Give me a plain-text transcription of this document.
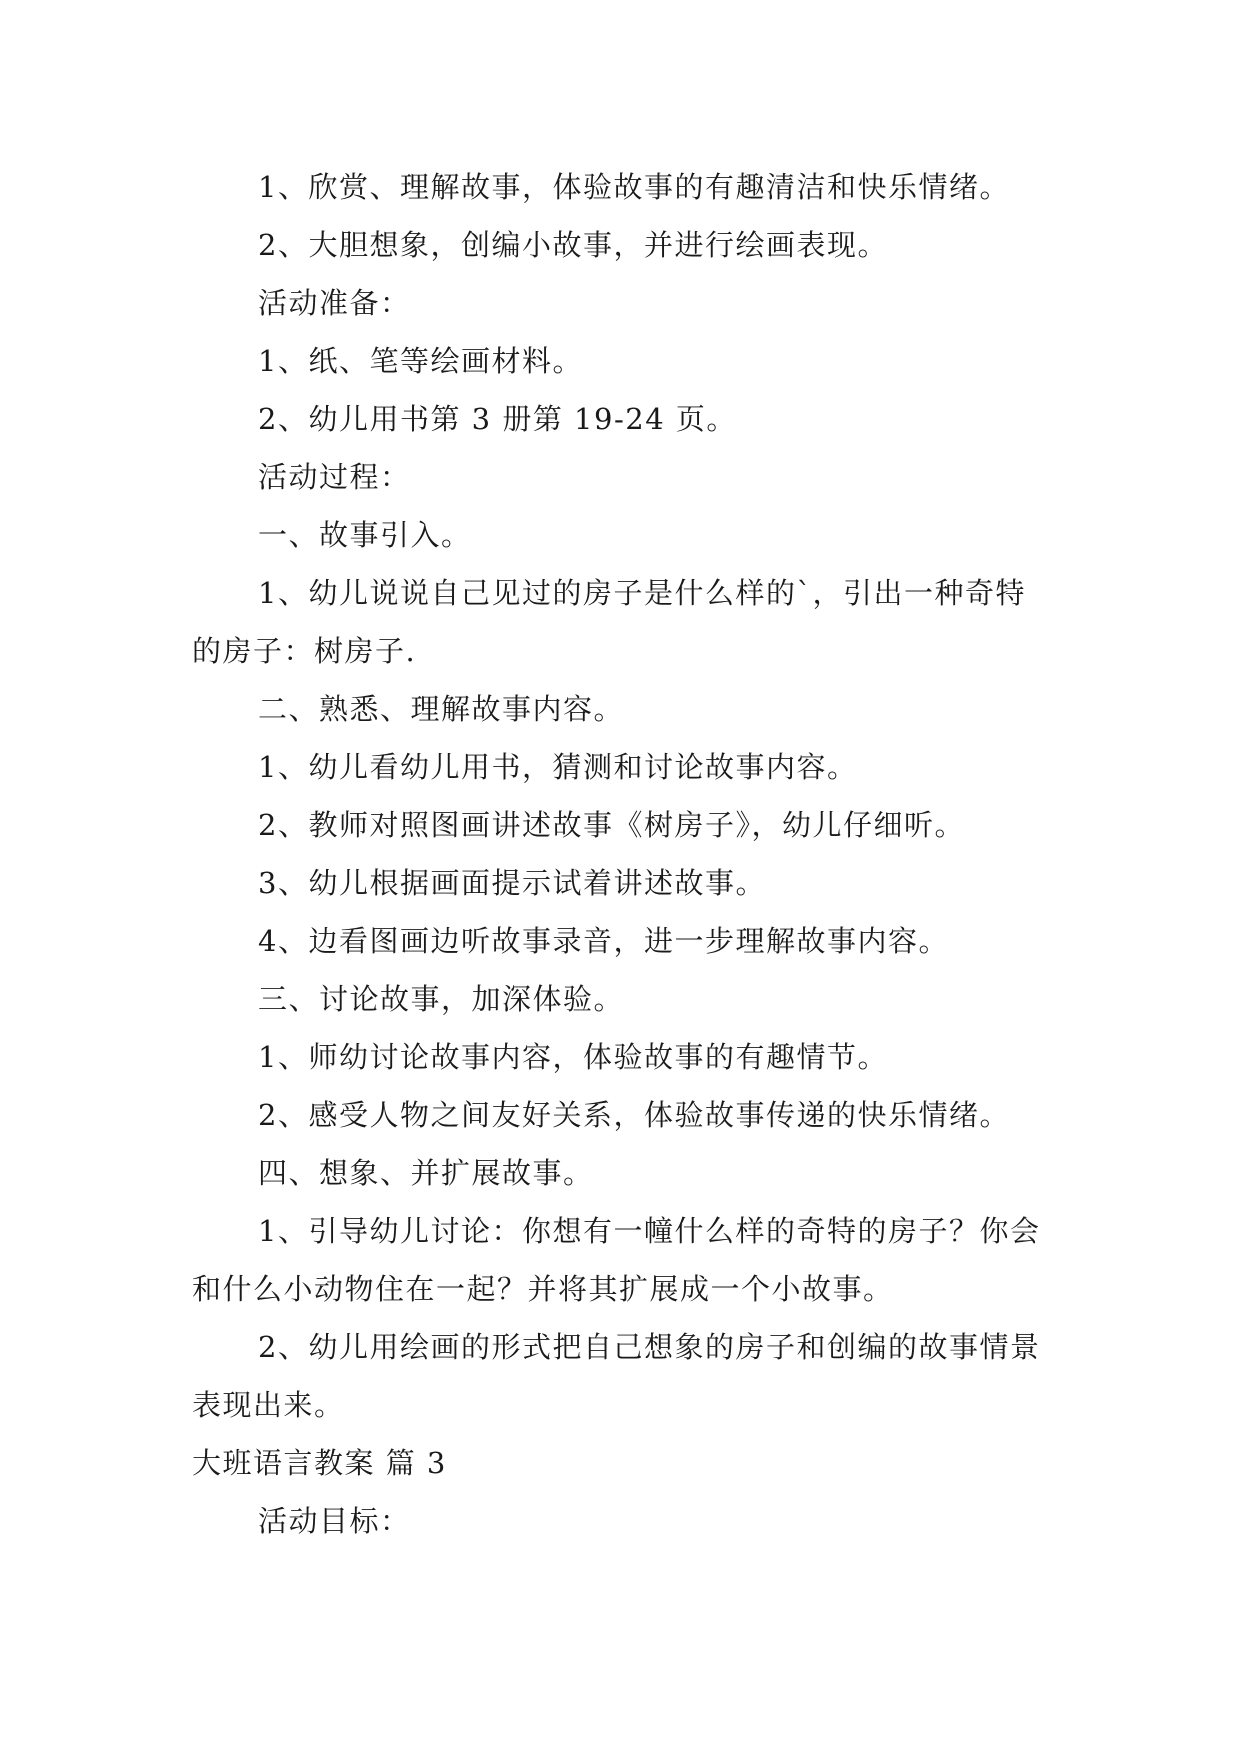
1、欣赏、理解故事，体验故事的有趣清洁和快乐情绪。

2、大胆想象，创编小故事，并进行绘画表现。

活动准备：

1、纸、笔等绘画材料。

2、幼儿用书第 3 册第 19-24 页。

活动过程：

一、故事引入。

1、幼儿说说自己见过的房子是什么样的`，引出一种奇特的房子：树房子.

二、熟悉、理解故事内容。

1、幼儿看幼儿用书，猜测和讨论故事内容。

2、教师对照图画讲述故事《树房子》，幼儿仔细听。

3、幼儿根据画面提示试着讲述故事。

4、边看图画边听故事录音，进一步理解故事内容。

三、讨论故事，加深体验。

1、师幼讨论故事内容，体验故事的有趣情节。

2、感受人物之间友好关系，体验故事传递的快乐情绪。

四、想象、并扩展故事。

1、引导幼儿讨论：你想有一幢什么样的奇特的房子？你会和什么小动物住在一起？并将其扩展成一个小故事。

2、幼儿用绘画的形式把自己想象的房子和创编的故事情景表现出来。

大班语言教案 篇 3

活动目标：
